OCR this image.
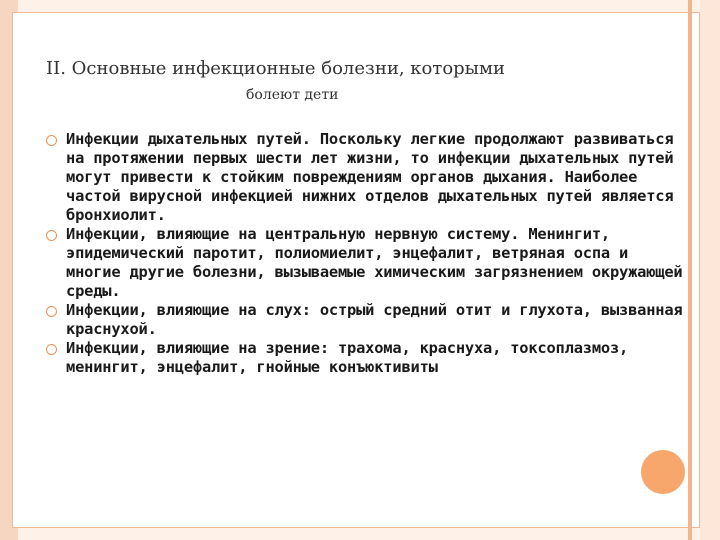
II. Основные инфекционные болезни, которыми
болеют дети
Инфекции дыхательных путей. Поскольку легкие продолжают развиваться на протяжении первых шести лет жизни, то инфекции дыхательных путей могут привести к стойким повреждениям органов дыхания. Наиболее частой вирусной инфекцией нижних отделов дыхательных путей является бронхиолит.
Инфекции, влияющие на центральную нервную систему. Менингит, эпидемический паротит, полиомиелит, энцефалит, ветряная оспа и многие другие болезни, вызываемые химическим загрязнением окружающей среды.
Инфекции, влияющие на слух: острый средний отит и глухота, вызванная краснухой.
Инфекции, влияющие на зрение: трахома, краснуха, токсоплазмоз, менингит, энцефалит, гнойные конъюктивиты
